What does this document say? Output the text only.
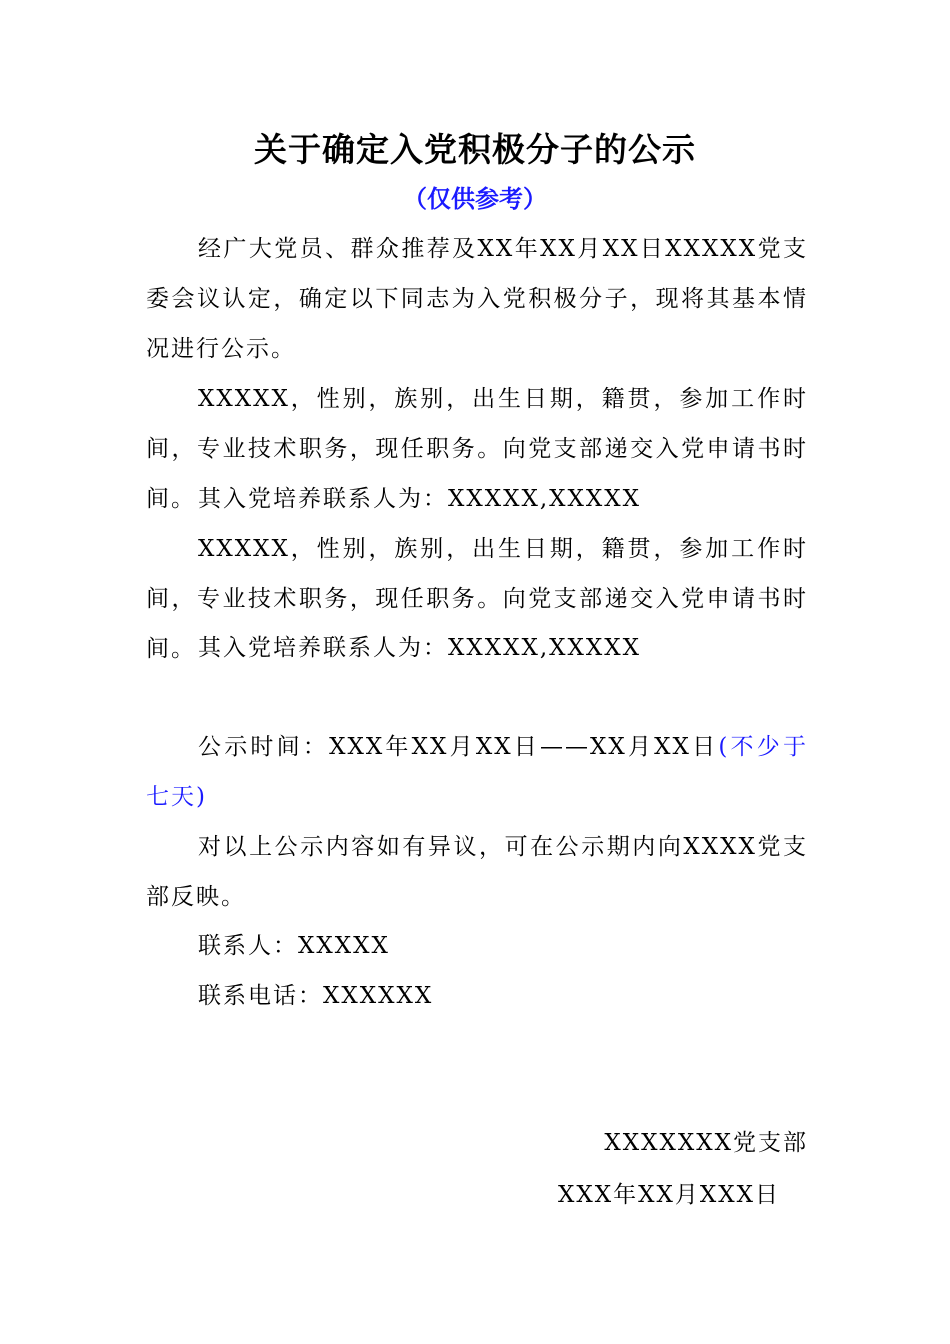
关于确定入党积极分子的公示
（仅供参考）
经广大党员、群众推荐及XX年XX月XX日XXXXX党支委会议认定，确定以下同志为入党积极分子，现将其基本情况进行公示。
XXXXX，性别，族别，出生日期，籍贯，参加工作时间，专业技术职务，现任职务。向党支部递交入党申请书时间。 其入党培养联系人为：XXXXX,XXXXX
XXXXX，性别，族别，出生日期，籍贯，参加工作时间，专业技术职务，现任职务。向党支部递交入党申请书时间。 其入党培养联系人为：XXXXX,XXXXX
公示时间：XXX年XX月XX日——XX月XX日(不少于七天)
对以上公示内容如有异议，可在公示期内向XXXX党支部反映。
联系人：XXXXX
联系电话：XXXXXX
XXXXXXX党支部
XXX年XX月XXX日
